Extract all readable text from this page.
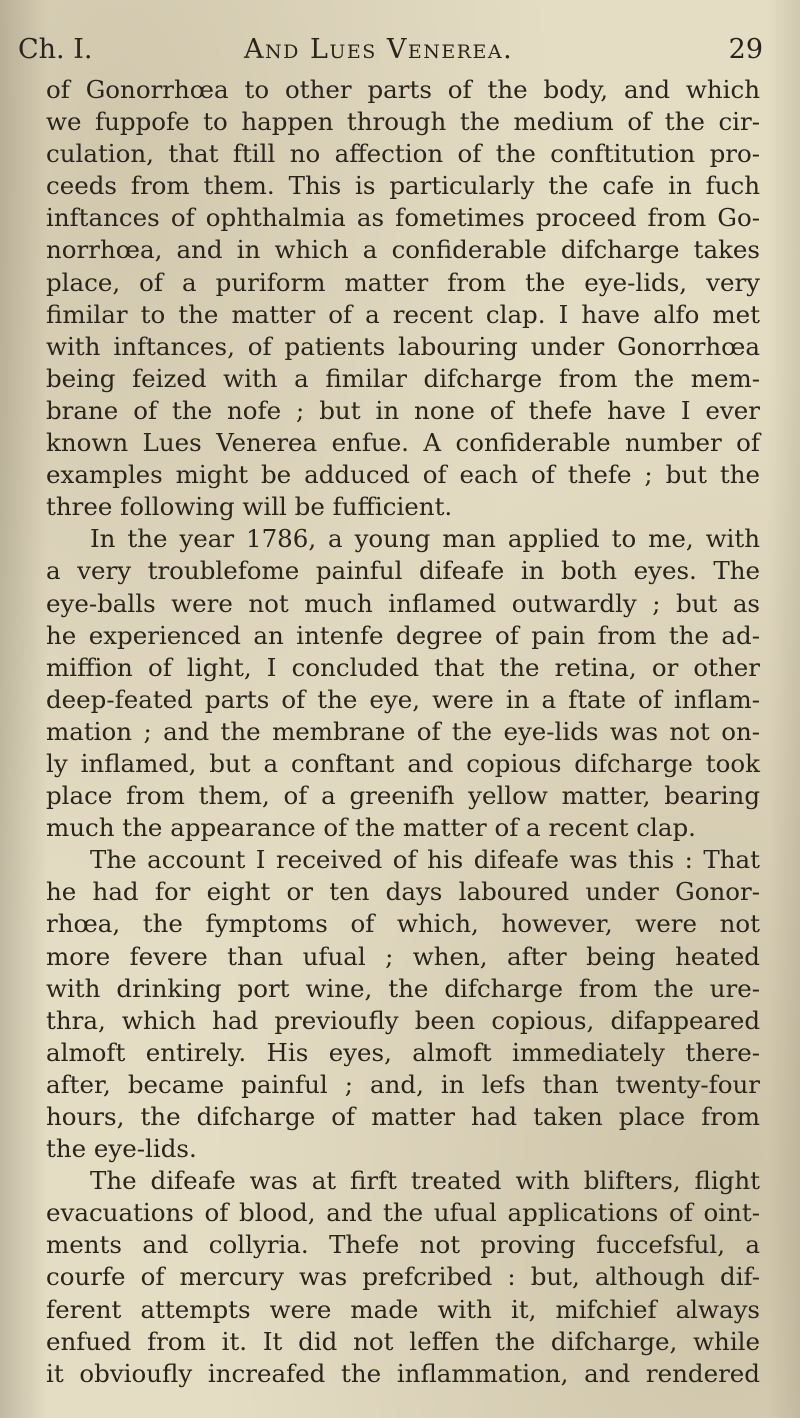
Ch. I.	And Lues Venerea.	29
of Gonorrhœa to other parts of the body, and which
we fuppofe to happen through the medium of the cir-
culation, that ftill no affection of the conftitution pro-
ceeds from them. This is particularly the cafe in fuch
inftances of ophthalmia as fometimes proceed from Go-
norrhœa, and in which a confiderable difcharge takes
place, of a puriform matter from the eye-lids, very
fimilar to the matter of a recent clap. I have alfo met
with inftances, of patients labouring under Gonorrhœa
being feized with a fimilar difcharge from the mem-
brane of the nofe ; but in none of thefe have I ever
known Lues Venerea enfue. A confiderable number of
examples might be adduced of each of thefe ; but the
three following will be fufficient.
In the year 1786, a young man applied to me, with
a very troublefome painful difeafe in both eyes. The
eye-balls were not much inflamed outwardly ; but as
he experienced an intenfe degree of pain from the ad-
miffion of light, I concluded that the retina, or other
deep-feated parts of the eye, were in a ftate of inflam-
mation ; and the membrane of the eye-lids was not on-
ly inflamed, but a conftant and copious difcharge took
place from them, of a greenifh yellow matter, bearing
much the appearance of the matter of a recent clap.
The account I received of his difeafe was this : That
he had for eight or ten days laboured under Gonor-
rhœa, the fymptoms of which, however, were not
more fevere than ufual ; when, after being heated
with drinking port wine, the difcharge from the ure-
thra, which had previoufly been copious, difappeared
almoft entirely. His eyes, almoft immediately there-
after, became painful ; and, in lefs than twenty-four
hours, the difcharge of matter had taken place from
the eye-lids.
The difeafe was at firft treated with blifters, flight
evacuations of blood, and the ufual applications of oint-
ments and collyria. Thefe not proving fuccefsful, a
courfe of mercury was prefcribed : but, although dif-
ferent attempts were made with it, mifchief always
enfued from it. It did not leffen the difcharge, while
it obvioufly increafed the inflammation, and rendered
